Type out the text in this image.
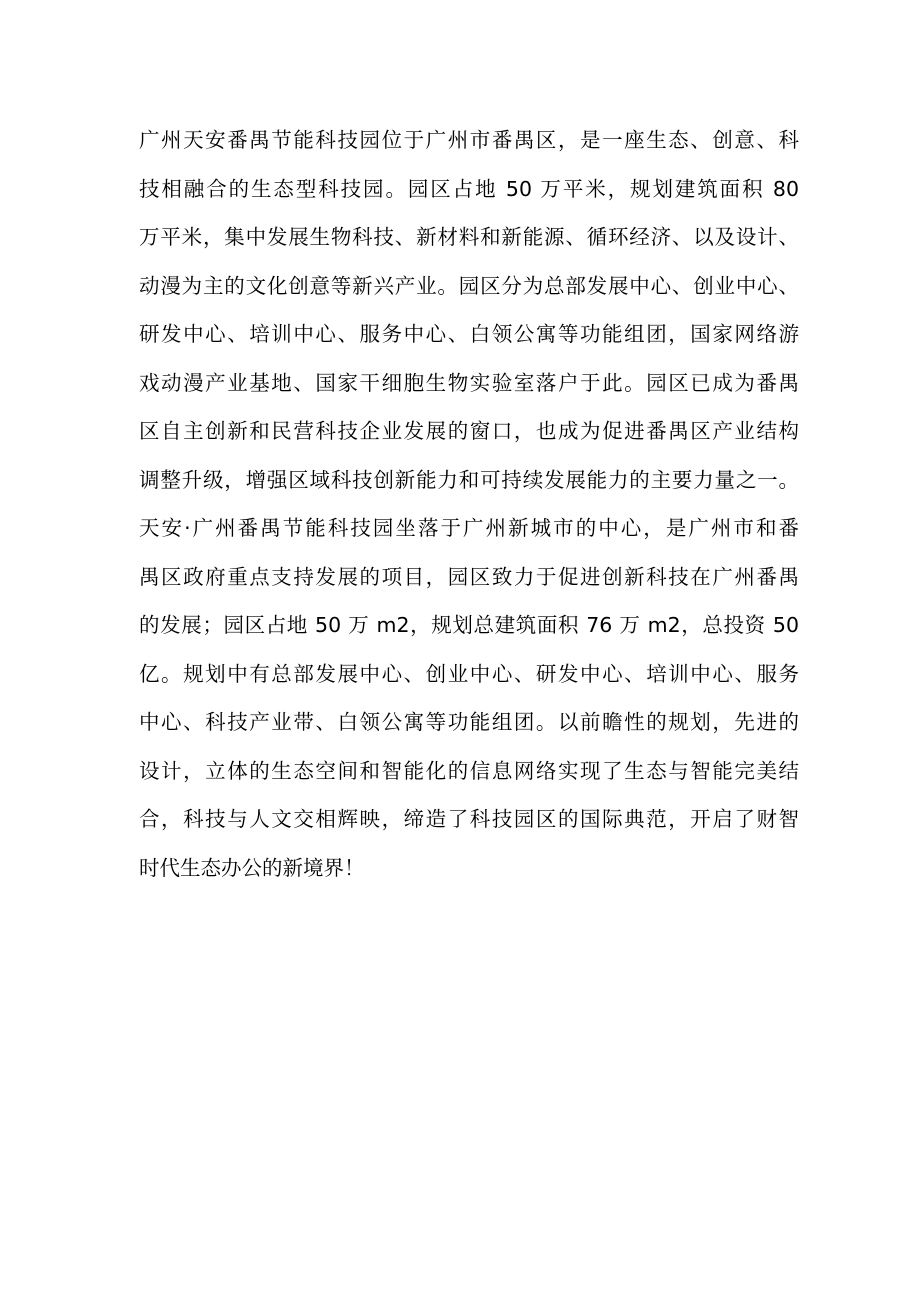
广州天安番禺节能科技园位于广州市番禺区，是一座生态、创意、科
技相融合的生态型科技园。园区占地 50 万平米，规划建筑面积 80
万平米，集中发展生物科技、新材料和新能源、循环经济、以及设计、
动漫为主的文化创意等新兴产业。园区分为总部发展中心、创业中心、
研发中心、培训中心、服务中心、白领公寓等功能组团，国家网络游
戏动漫产业基地、国家干细胞生物实验室落户于此。园区已成为番禺
区自主创新和民营科技企业发展的窗口，也成为促进番禺区产业结构
调整升级，增强区域科技创新能力和可持续发展能力的主要力量之一。
天安·广州番禺节能科技园坐落于广州新城市的中心，是广州市和番
禺区政府重点支持发展的项目，园区致力于促进创新科技在广州番禺
的发展；园区占地 50 万 m2，规划总建筑面积 76 万 m2，总投资 50
亿。规划中有总部发展中心、创业中心、研发中心、培训中心、服务
中心、科技产业带、白领公寓等功能组团。以前瞻性的规划，先进的
设计，立体的生态空间和智能化的信息网络实现了生态与智能完美结
合，科技与人文交相辉映，缔造了科技园区的国际典范，开启了财智
时代生态办公的新境界！
